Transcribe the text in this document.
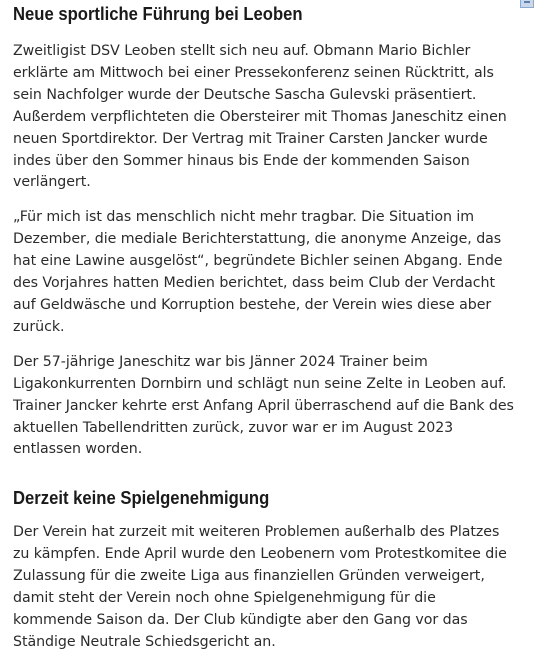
Neue sportliche Führung bei Leoben

Zweitligist DSV Leoben stellt sich neu auf. Obmann Mario Bichler erklärte am Mittwoch bei einer Pressekonferenz seinen Rücktritt, als sein Nachfolger wurde der Deutsche Sascha Gulevski präsentiert. Außerdem verpflichteten die Obersteirer mit Thomas Janeschitz einen neuen Sportdirektor. Der Vertrag mit Trainer Carsten Jancker wurde indes über den Sommer hinaus bis Ende der kommenden Saison verlängert.

„Für mich ist das menschlich nicht mehr tragbar. Die Situation im Dezember, die mediale Berichterstattung, die anonyme Anzeige, das hat eine Lawine ausgelöst“, begründete Bichler seinen Abgang. Ende des Vorjahres hatten Medien berichtet, dass beim Club der Verdacht auf Geldwäsche und Korruption bestehe, der Verein wies diese aber zurück.

Der 57-jährige Janeschitz war bis Jänner 2024 Trainer beim Ligakonkurrenten Dornbirn und schlägt nun seine Zelte in Leoben auf. Trainer Jancker kehrte erst Anfang April überraschend auf die Bank des aktuellen Tabellendritten zurück, zuvor war er im August 2023 entlassen worden.

Derzeit keine Spielgenehmigung

Der Verein hat zurzeit mit weiteren Problemen außerhalb des Platzes zu kämpfen. Ende April wurde den Leobenern vom Protestkomitee die Zulassung für die zweite Liga aus finanziellen Gründen verweigert, damit steht der Verein noch ohne Spielgenehmigung für die kommende Saison da. Der Club kündigte aber den Gang vor das Ständige Neutrale Schiedsgericht an.
